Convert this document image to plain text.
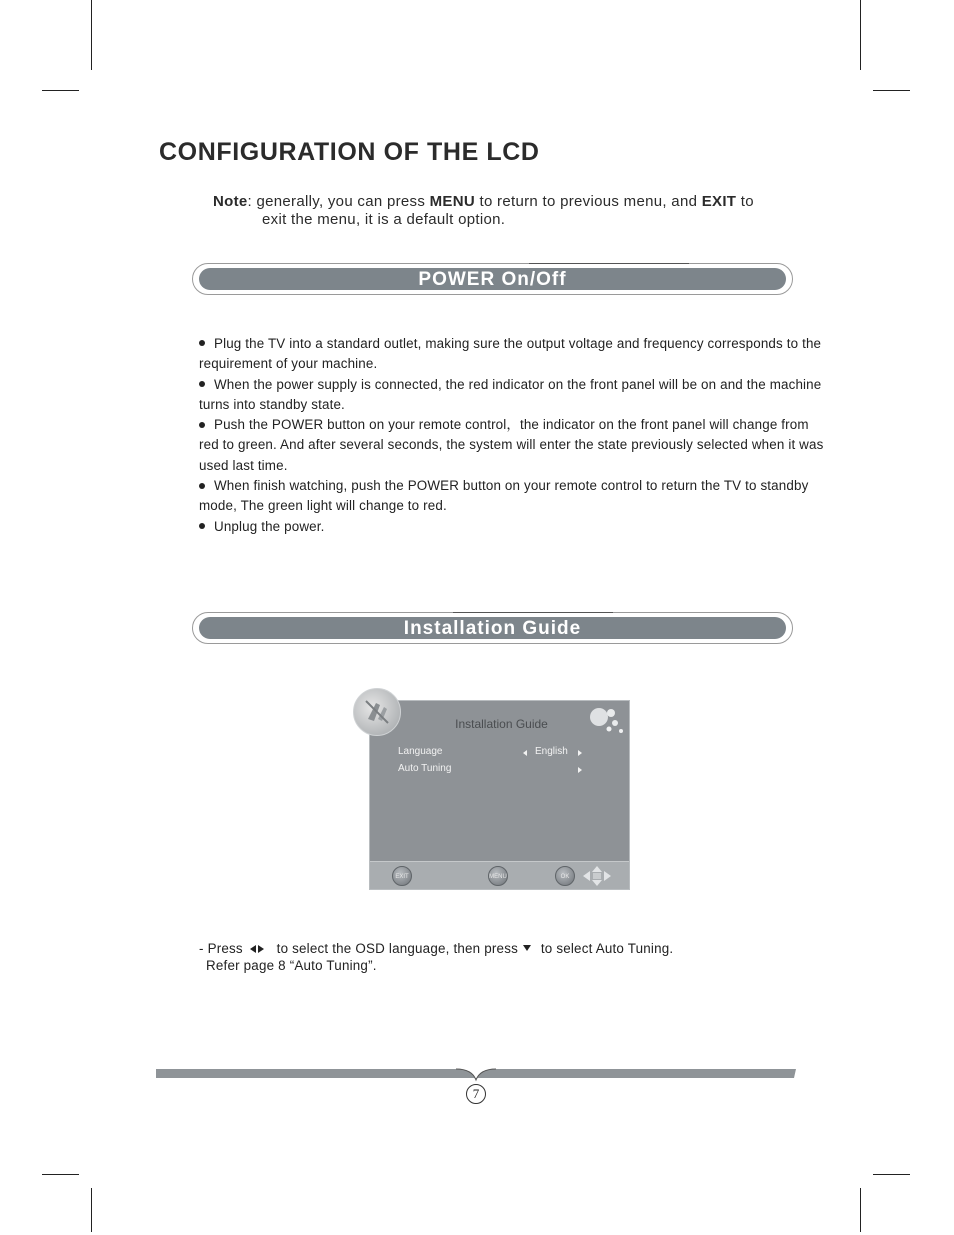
CONFIGURATION OF THE LCD
Note: generally, you can press MENU to return to previous menu, and EXIT to
exit the menu, it is a default option.
POWER On/Off

Plug the TV into a standard outlet, making sure the output voltage and frequency corresponds to the requirement of your machine.

When the power supply is connected, the red indicator on the front panel will be on and the machine turns into standby state.

Push the POWER button on your remote control，the indicator on the front panel will change from red to green. And after several seconds, the system will enter the state previously selected when it was used last time.

When finish watching, push the POWER button on your remote control to return the TV to standby mode, The green light will change to red.

Unplug the power.

Installation Guide
Installation Guide
Language	English
Auto Tuning
EXIT	MENU	OK
- Press  to select the OSD language, then press  to select Auto Tuning.
Refer page 8 “Auto Tuning”.
7
